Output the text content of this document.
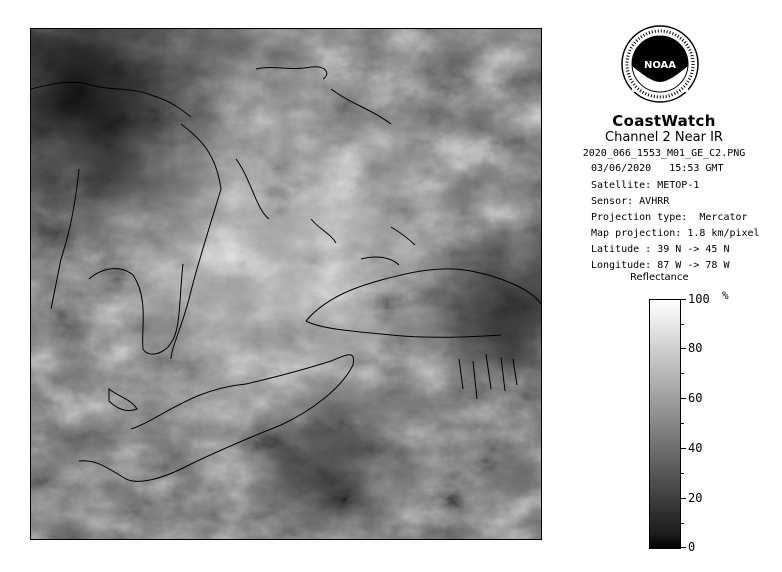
NOAA
CoastWatch
Channel 2 Near IR
2020_066_1553_M01_GE_C2.PNG
03/06/2020 15:53 GMT
Satellite: METOP-1
Sensor: AVHRR
Projection type:  Mercator
Map projection: 1.8 km/pixel
Latitude : 39 N -> 45 N
Longitude: 87 W -> 78 W
Reflectance
%
100
80
60
40
20
0
